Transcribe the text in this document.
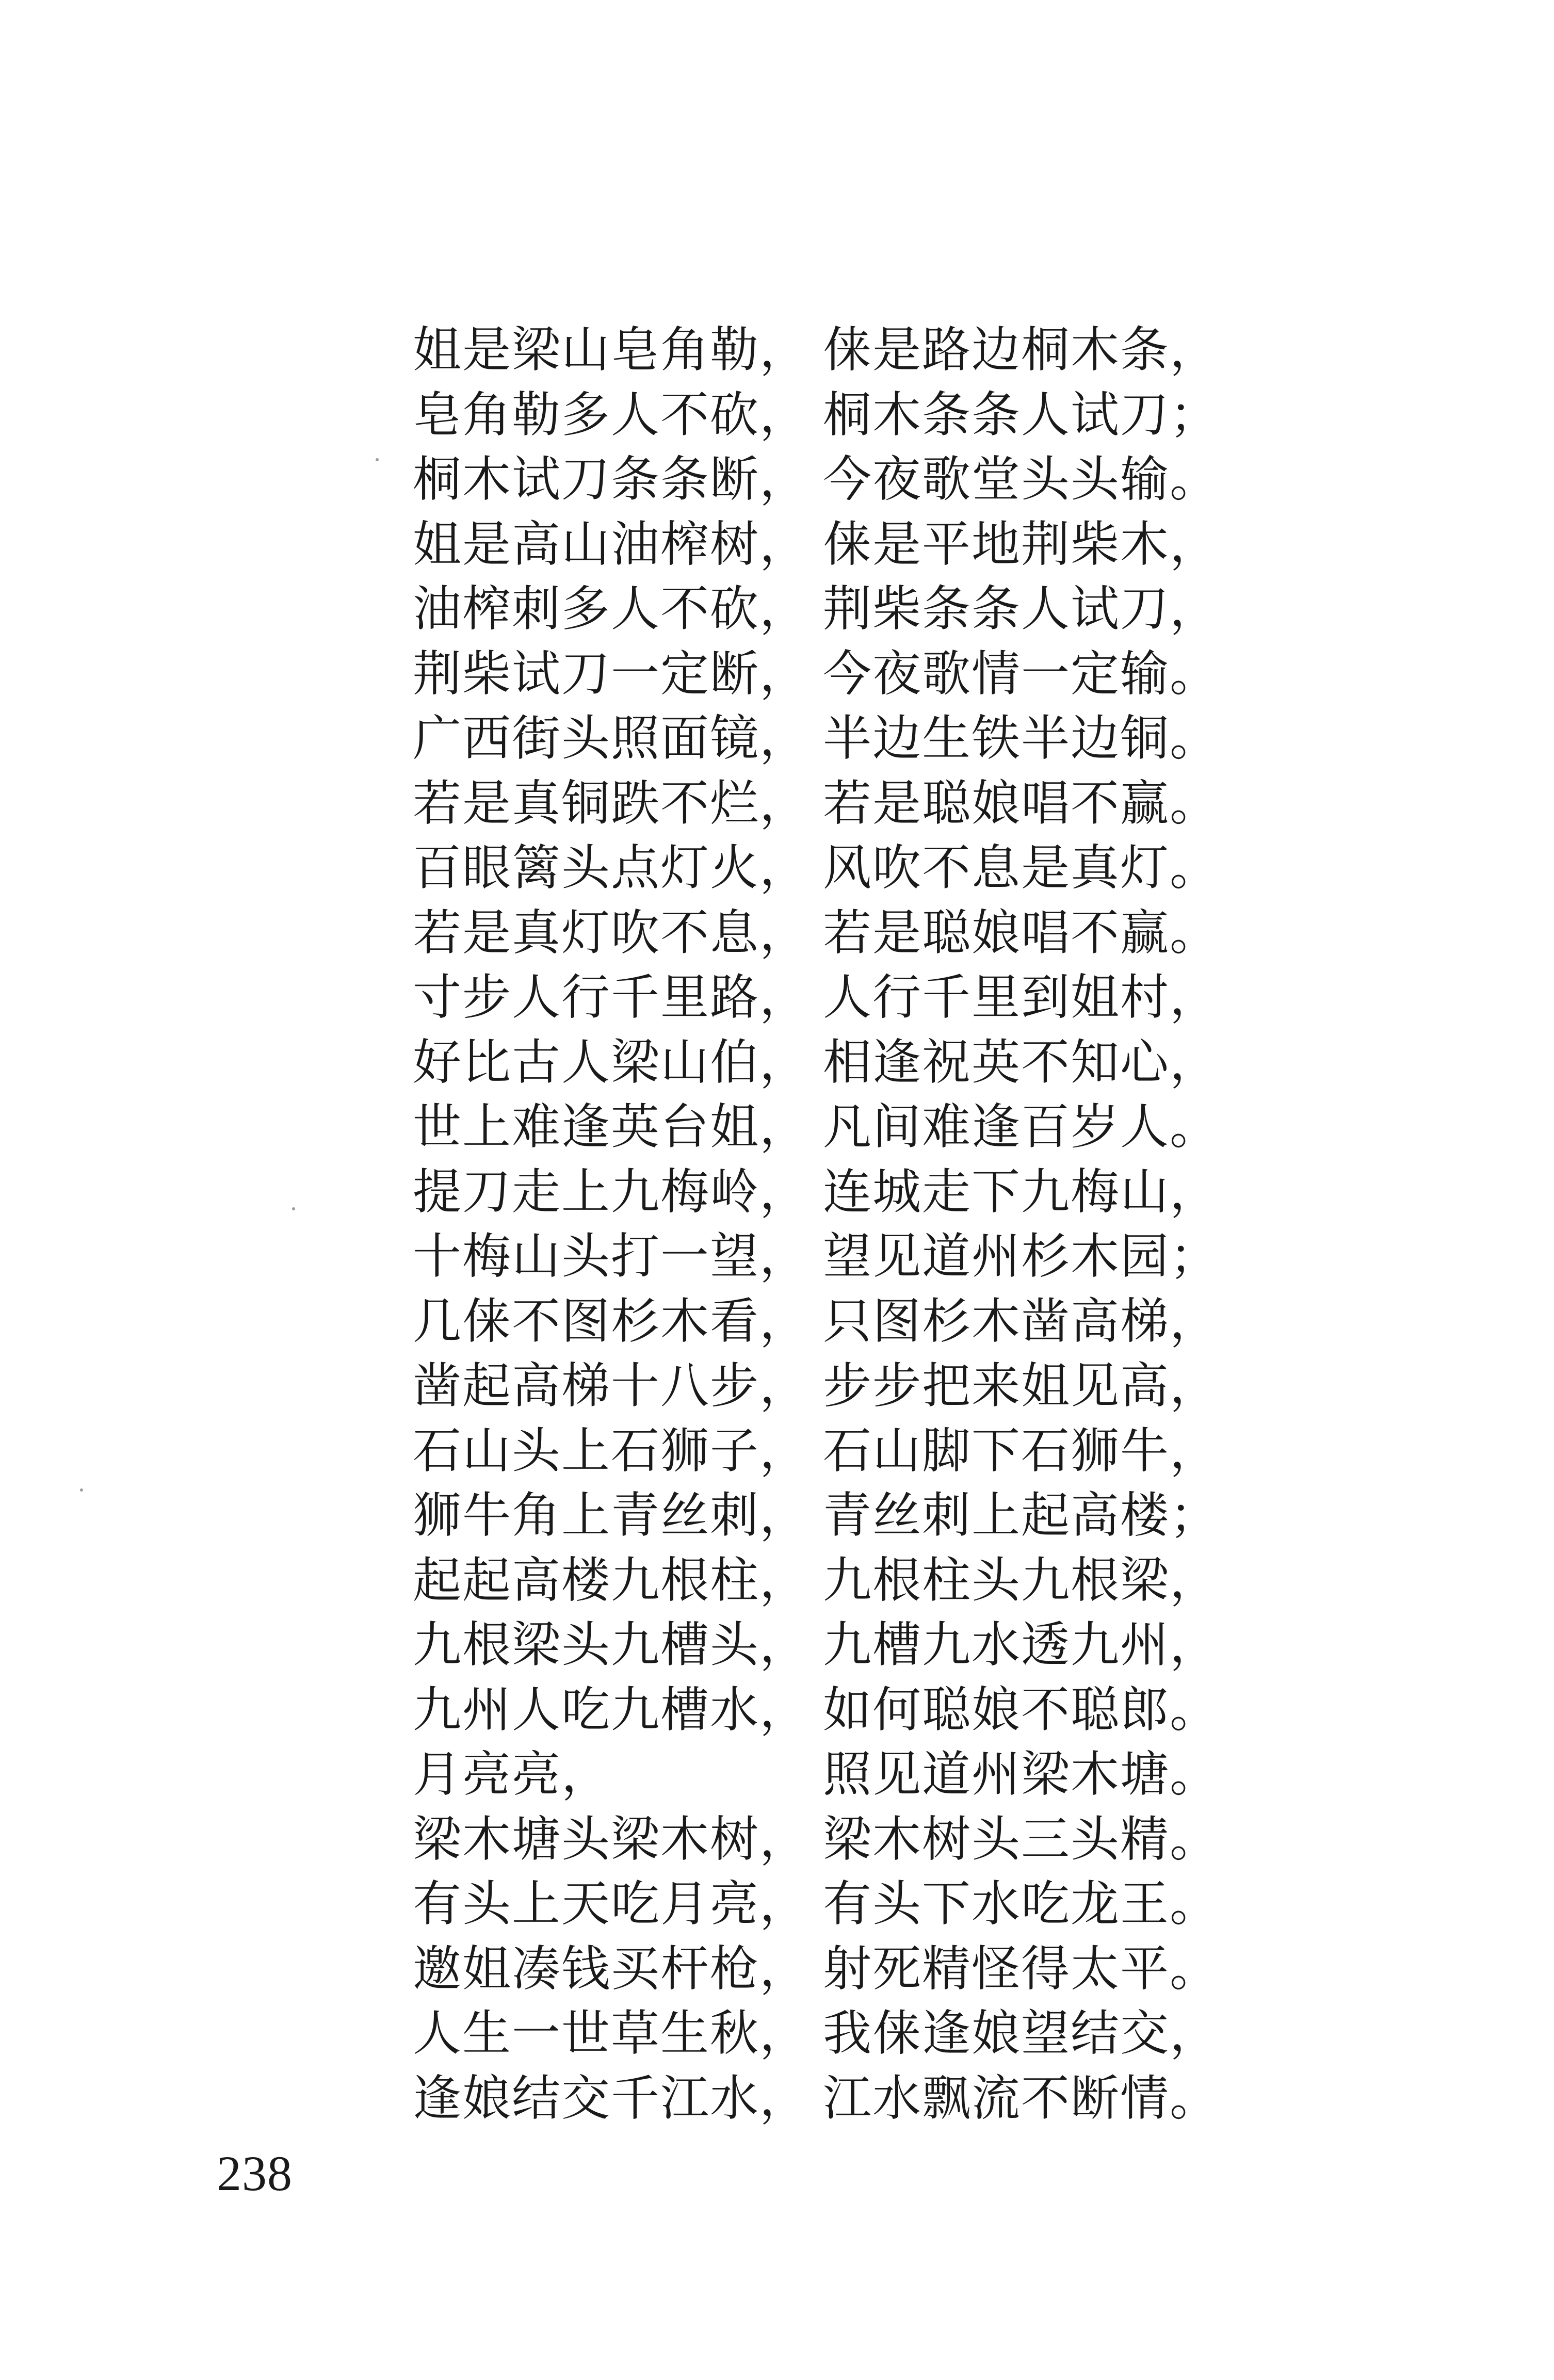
姐是梁山皂角勒， 俫是路边桐木条，
皂角勒多人不砍， 桐木条条人试刀；
桐木试刀条条断， 今夜歌堂头头输。
姐是高山油榨树， 俫是平地荆柴木，
油榨刺多人不砍， 荆柴条条人试刀，
荆柴试刀一定断， 今夜歌情一定输。
广西街头照面镜， 半边生铁半边铜。
若是真铜跌不烂， 若是聪娘唱不赢。
百眼篱头点灯火， 风吹不息是真灯。
若是真灯吹不息， 若是聪娘唱不赢。
寸步人行千里路， 人行千里到姐村，
好比古人梁山伯， 相逢祝英不知心，
世上难逢英台姐， 凡间难逢百岁人。
提刀走上九梅岭， 连城走下九梅山，
十梅山头打一望， 望见道州杉木园；
几俫不图杉木看， 只图杉木凿高梯，
凿起高梯十八步， 步步把来姐见高，
石山头上石狮子， 石山脚下石狮牛，
狮牛角上青丝刺， 青丝刺上起高楼；
起起高楼九根柱， 九根柱头九根梁，
九根梁头九槽头， 九槽九水透九州，
九州人吃九槽水， 如何聪娘不聪郎。
月亮亮，	照见道州梁木塘。
梁木塘头梁木树， 梁木树头三头精。
有头上天吃月亮， 有头下水吃龙王。
邀姐凑钱买杆枪， 射死精怪得太平。
人生一世草生秋， 我俫逢娘望结交，
逢娘结交千江水， 江水飘流不断情。
238
